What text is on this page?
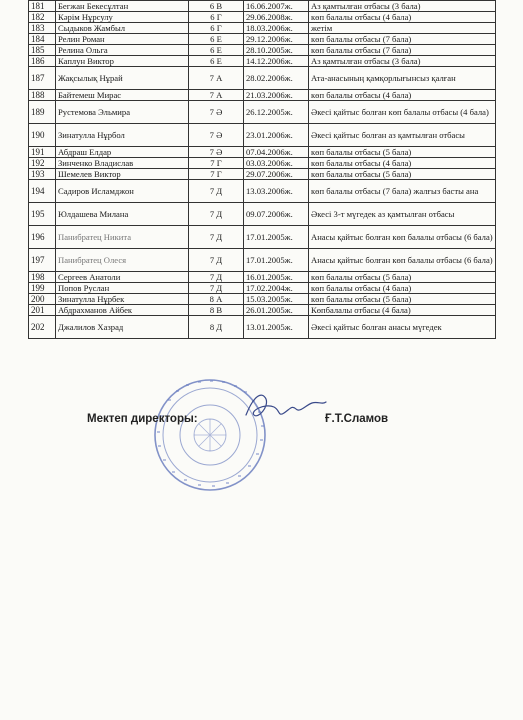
181	Бегжан Бекесұлтан	6 В	16.06.2007ж.	Аз қамтылған отбасы (3 бала)
182	Кәрім Нұрсулу	6 Г	29.06.2008ж.	көп балалы отбасы (4 бала)
183	Сыдыков Жамбыл	6 Г	18.03.2006ж.	жетім
184	Релин Роман	6 Е	29.12.2006ж.	көп балалы отбасы (7 бала)
185	Релина Ольга	6 Е	28.10.2005ж.	көп балалы отбасы (7 бала)
186	Каплун Виктор	6 Е	14.12.2006ж.	Аз қамтылған отбасы (3 бала)
187	Жақсылық Нұрай	7 А	28.02.2006ж.	Ата-анасының қамқорлығынсыз қалған
188	Байтемеш Мирас	7 А	21.03.2006ж.	көп балалы отбасы (4 бала)
189	Рустемова Эльмира	7 Ә	26.12.2005ж.	Әкесі қайтыс болған көп балалы отбасы (4 бала)
190	Зинатулла Нұрбол	7 Ә	23.01.2006ж.	Әкесі қайтыс болған аз қамтылған отбасы
191	Абдраш Елдар	7 Ә	07.04.2006ж.	көп балалы отбасы (5 бала)
192	Зинченко Владислав	7 Г	03.03.2006ж.	көп балалы отбасы (4 бала)
193	Шемелев Виктор	7 Г	29.07.2006ж.	көп балалы отбасы (5 бала)
194	Садиров Исламджон	7 Д	13.03.2006ж.	көп балалы отбасы (7 бала) жалғыз басты ана
195	Юлдашева Милана	7 Д	09.07.2006ж.	Әкесі 3-т мүгедек аз қамтылған отбасы
196	Панибратец Никита	7 Д	17.01.2005ж.	Анасы қайтыс болған көп балалы отбасы (6 бала)
197	Панибратец Олеся	7 Д	17.01.2005ж.	Анасы қайтыс болған көп балалы отбасы (6 бала)
198	Сергеев Анатоли	7 Д	16.01.2005ж.	көп балалы отбасы (5 бала)
199	Попов Руслан	7 Д	17.02.2004ж.	көп балалы отбасы (4 бала)
200	Зинатулла Нұрбек	8 А	15.03.2005ж.	көп балалы отбасы (5 бала)
201	Абдрахманов Айбек	8 В	26.01.2005ж.	Көпбалалы отбасы (4 бала)
202	Джалилов Хазрад	8 Д	13.01.2005ж.	Әкесі қайтыс болған анасы мүгедек
Мектеп директоры:	Ғ.Т.Сламов
